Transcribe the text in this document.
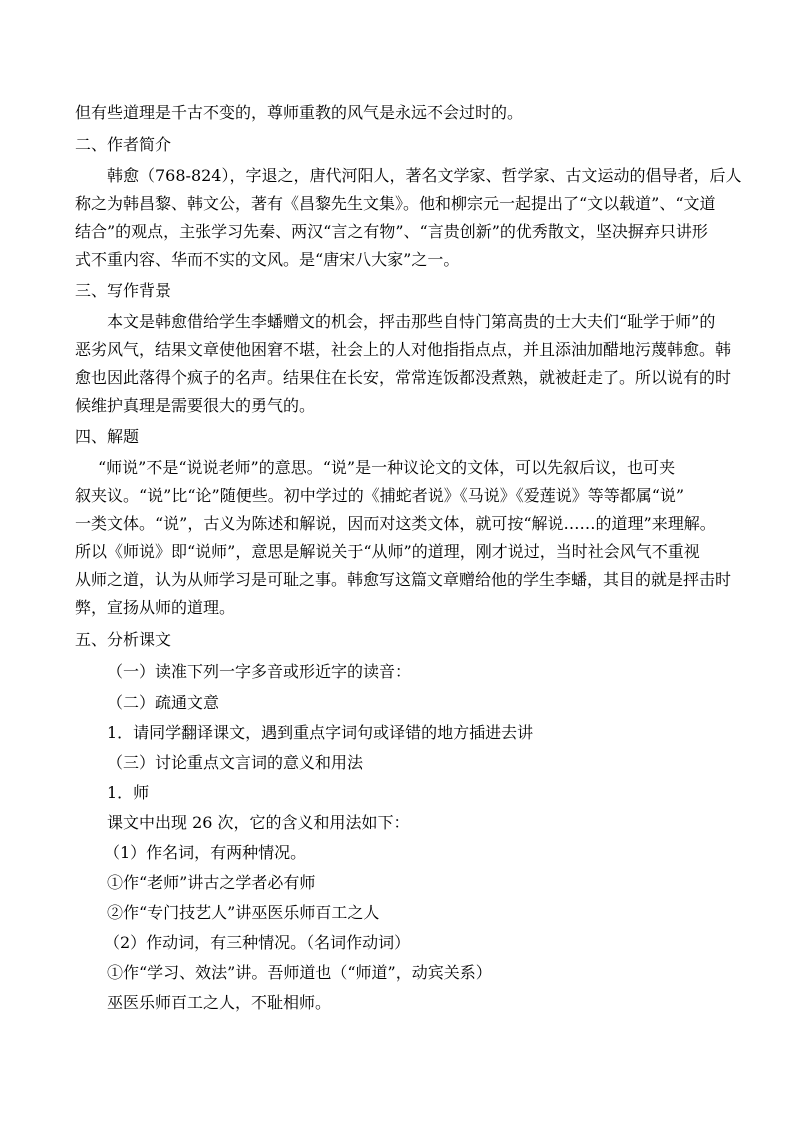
但有些道理是千古不变的，尊师重教的风气是永远不会过时的。
二、作者简介
韩愈（768-824），字退之，唐代河阳人，著名文学家、哲学家、古文运动的倡导者，后人
称之为韩昌黎、韩文公，著有《昌黎先生文集》。他和柳宗元一起提出了“文以载道”、“文道
结合”的观点，主张学习先秦、两汉“言之有物”、“言贵创新”的优秀散文，坚决摒弃只讲形
式不重内容、华而不实的文风。是“唐宋八大家”之一。
三、写作背景
本文是韩愈借给学生李蟠赠文的机会，抨击那些自恃门第高贵的士大夫们“耻学于师”的
恶劣风气，结果文章使他困窘不堪，社会上的人对他指指点点，并且添油加醋地污蔑韩愈。韩
愈也因此落得个疯子的名声。结果住在长安，常常连饭都没煮熟，就被赶走了。所以说有的时
候维护真理是需要很大的勇气的。
四、解题
“师说”不是“说说老师”的意思。“说”是一种议论文的文体，可以先叙后议，也可夹
叙夹议。“说”比“论”随便些。初中学过的《捕蛇者说》《马说》《爱莲说》等等都属“说”
一类文体。“说”，古义为陈述和解说，因而对这类文体，就可按“解说……的道理”来理解。
所以《师说》即“说师”，意思是解说关于“从师”的道理，刚才说过，当时社会风气不重视
从师之道，认为从师学习是可耻之事。韩愈写这篇文章赠给他的学生李蟠，其目的就是抨击时
弊，宣扬从师的道理。
五、分析课文
（一）读准下列一字多音或形近字的读音：
（二）疏通文意
1．请同学翻译课文，遇到重点字词句或译错的地方插进去讲
（三）讨论重点文言词的意义和用法
1．师
课文中出现 26 次，它的含义和用法如下：
（1）作名词，有两种情况。
①作“老师”讲古之学者必有师
②作“专门技艺人”讲巫医乐师百工之人
（2）作动词，有三种情况。（名词作动词）
①作“学习、效法”讲。吾师道也（“师道”，动宾关系）
巫医乐师百工之人，不耻相师。
